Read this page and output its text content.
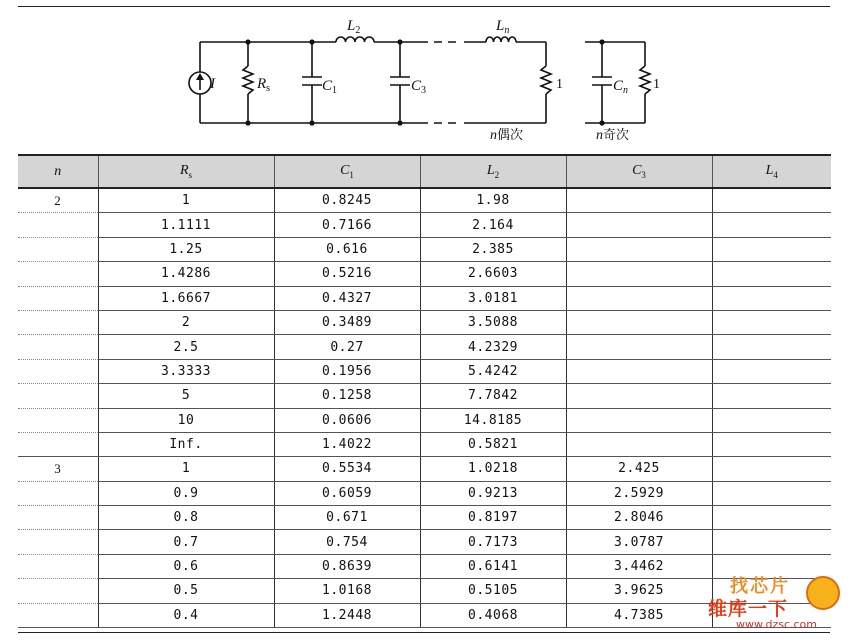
I	$R_s$	$C_1$
$L_2$
$C_3$
$L_n$
$C_n$
1	1
n偶次	n奇次
n	$R_s$	$C_1$	$L_2$	$C_3$	$L_4$
2	1	0.8245	1.98		
	1.1111	0.7166	2.164		
	1.25	0.616	2.385		
	1.4286	0.5216	2.6603		
	1.6667	0.4327	3.0181		
	2	0.3489	3.5088		
	2.5	0.27	4.2329		
	3.3333	0.1956	5.4242		
	5	0.1258	7.7842		
	10	0.0606	14.8185		
	Inf.	1.4022	0.5821		
3	1	0.5534	1.0218	2.425	
	0.9	0.6059	0.9213	2.5929	
	0.8	0.671	0.8197	2.8046	
	0.7	0.754	0.7173	3.0787	
	0.6	0.8639	0.6141	3.4462	
	0.5	1.0168	0.5105	3.9625	
	0.4	1.2448	0.4068	4.7385	
找芯片
维库一下
www.dzsc.com
